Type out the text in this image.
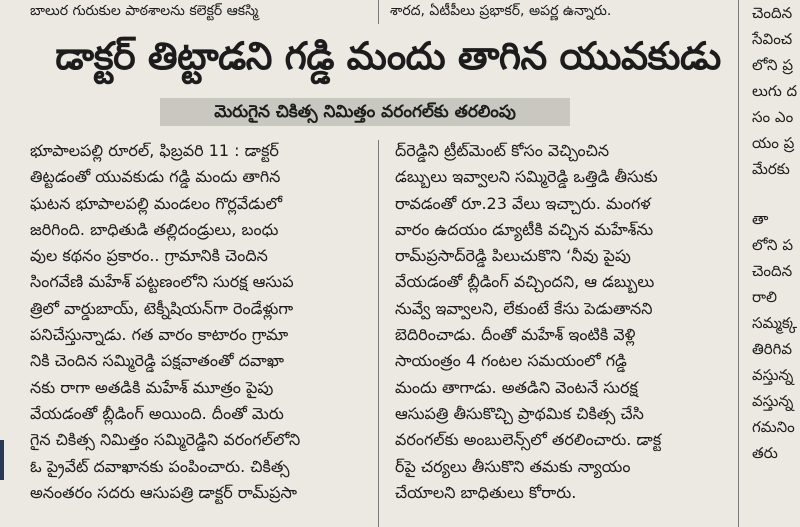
బాలుర గురుకుల పాఠశాలను కలెక్టర్ ఆకస్మి	శారద, ఏటీపీలు ప్రభాకర్, అపర్ణ ఉన్నారు.
డాక్టర్ తిట్టాడని గడ్డి మందు తాగిన యువకుడు
మెరుగైన చికిత్స నిమిత్తం వరంగల్‌కు తరలింపు
భూపాలపల్లి రూరల్, ఫిబ్రవరి 11 : డాక్టర్
తిట్టడంతో యువకుడు గడ్డి మందు తాగిన
ఘటన భూపాలపల్లి మండలం గొర్లవేడులో
జరిగింది. బాధితుడి తల్లిదండ్రులు, బంధు
వుల కథనం ప్రకారం.. గ్రామానికి చెందిన
సింగవేణి మహేశ్ పట్టణంలోని సురక్ష ఆసుప
త్రిలో వార్డుబాయ్, టెక్నీషియన్‌గా రెండేళ్లుగా
పనిచేస్తున్నాడు. గత వారం కాటారం గ్రామా
నికి చెందిన సమ్మిరెడ్డి పక్షవాతంతో దవాఖా
నకు రాగా అతడికి మహేశ్ మూత్రం పైపు
వేయడంతో బ్లీడింగ్ అయింది. దీంతో మెరు
గైన చికిత్స నిమిత్తం సమ్మిరెడ్డిని వరంగల్‌లోని
ఓ ప్రైవేట్ దవాఖానకు పంపించారు. చికిత్స
అనంతరం సదరు ఆసుపత్రి డాక్టర్ రామ్‌ప్రసా
ద్‌రెడ్డిని ట్రీట్‌మెంట్ కోసం వెచ్చించిన
డబ్బులు ఇవ్వాలని సమ్మిరెడ్డి ఒత్తిడి తీసుకు
రావడంతో రూ.23 వేలు ఇచ్చారు. మంగళ
వారం ఉదయం డ్యూటీకి వచ్చిన మహేశ్‌ను
రామ్‌ప్రసాద్‌రెడ్డి పిలుచుకొని ‘నీవు పైపు
వేయడంతో బ్లీడింగ్ వచ్చిందని, ఆ డబ్బులు
నువ్వే ఇవ్వాలని, లేకుంటే కేసు పెడుతానని
బెదిరించాడు. దీంతో మహేశ్ ఇంటికి వెళ్లి
సాయంత్రం 4 గంటల సమయంలో గడ్డి
మందు తాగాడు. అతడిని వెంటనే సురక్ష
ఆసుపత్రి తీసుకొచ్చి ప్రాథమిక చికిత్స చేసి
వరంగల్‌కు అంబులెన్స్‌లో తరలించారు. డాక్ట
ర్‌పై చర్యలు తీసుకొని తమకు న్యాయం
చేయాలని బాధితులు కోరారు.
చెందిన
సేవించ
లోని ప్ర
లుగు ద
సం ఎం
యం ప్ర
మేరకు
తా
లోని ప
చెందిన
రాలి
సమ్మక్క
తిరిగివ
వస్తున్న
వస్తున్న
గమనిం
తరు
